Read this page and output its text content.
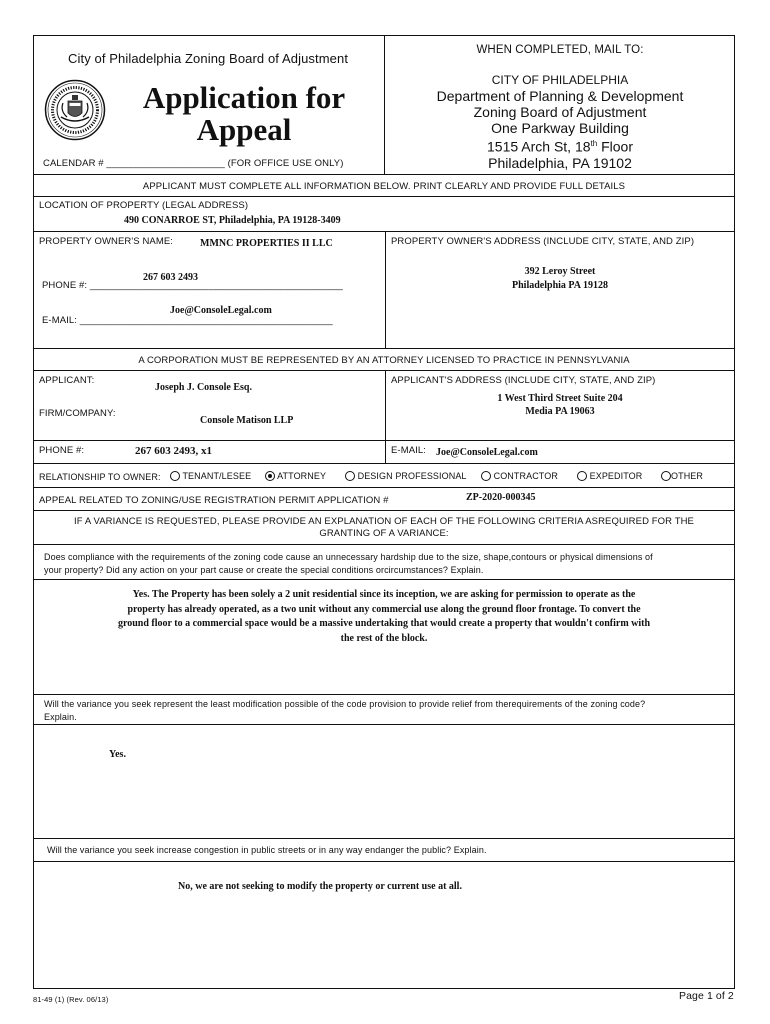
City of Philadelphia Zoning Board of Adjustment
Application for
Appeal
CALENDAR # ______________________ (FOR OFFICE USE ONLY)
WHEN COMPLETED, MAIL TO:
CITY OF PHILADELPHIA
Department of Planning & Development
Zoning Board of Adjustment
One Parkway Building
1515 Arch St, 18th Floor
Philadelphia, PA 19102
APPLICANT MUST COMPLETE ALL INFORMATION BELOW. PRINT CLEARLY AND PROVIDE FULL DETAILS
LOCATION OF PROPERTY (LEGAL ADDRESS)
490 CONARROE ST, Philadelphia, PA 19128-3409
PROPERTY OWNER'S NAME:	MMNC PROPERTIES II LLC
267 603 2493
PHONE #: _______________________________________________
Joe@ConsoleLegal.com
E-MAIL: _______________________________________________
PROPERTY OWNER'S ADDRESS (INCLUDE CITY, STATE, AND ZIP)
392 Leroy Street
Philadelphia PA 19128
A CORPORATION MUST BE REPRESENTED BY AN ATTORNEY LICENSED TO PRACTICE IN PENNSYLVANIA
APPLICANT:
Joseph J. Console Esq.
FIRM/COMPANY:
Console Matison LLP
APPLICANT'S ADDRESS (INCLUDE CITY, STATE, AND ZIP)
1 West Third Street Suite 204
Media PA 19063
PHONE #:	267 603 2493, x1	E-MAIL: Joe@ConsoleLegal.com
RELATIONSHIP TO OWNER:	TENANT/LESEE	ATTORNEY	DESIGN PROFESSIONAL	CONTRACTOR	EXPEDITOR	OTHER
APPEAL RELATED TO ZONING/USE REGISTRATION PERMIT APPLICATION #	ZP-2020-000345
IF A VARIANCE IS REQUESTED, PLEASE PROVIDE AN EXPLANATION OF EACH OF THE FOLLOWING CRITERIA ASREQUIRED FOR THE
GRANTING OF A VARIANCE:
Does compliance with the requirements of the zoning code cause an unnecessary hardship due to the size, shape,contours or physical dimensions of
your property? Did any action on your part cause or create the special conditions orcircumstances? Explain.
Yes. The Property has been solely a 2 unit residential since its inception, we are asking for permission to operate as the
property has already operated, as a two unit without any commercial use along the ground floor frontage. To convert the
ground floor to a commercial space would be a massive undertaking that would create a property that wouldn't confirm with
the rest of the block.
Will the variance you seek represent the least modification possible of the code provision to provide relief from therequirements of the zoning code?
Explain.
Yes.
Will the variance you seek increase congestion in public streets or in any way endanger the public? Explain.
No, we are not seeking to modify the property or current use at all.
81-49 (1) (Rev. 06/13)	Page 1 of 2
